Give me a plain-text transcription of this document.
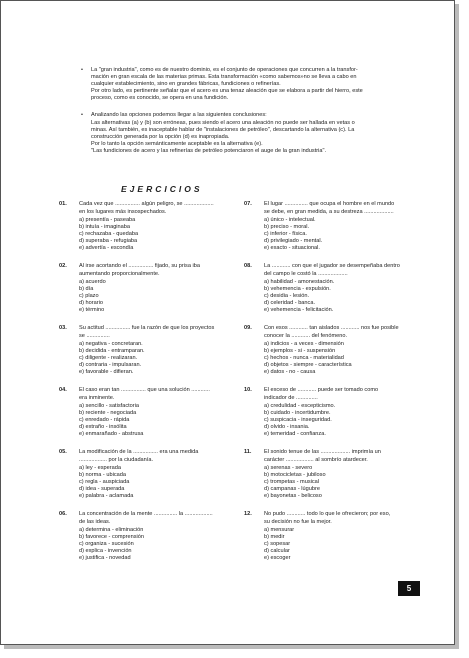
• La "gran industria", como es de nuestro dominio, es el conjunto de operaciones que concurren a la transfor-

mación en gran escala de las materias primas. Esta transformación «como sabemos»no se lleva a cabo en

cualquier establecimiento, sino en grandes fábricas, fundiciones o refinerías.

Por otro lado, es pertinente señalar que el acero es una tenaz aleación que se elabora a partir del hierro, este

proceso, como es conocido, se opera en una fundición.

• Analizando las opciones podemos llegar a las siguientes conclusiones:

Las alternativas (a) y (b) son erróneas, pues siendo el acero una aleación no puede ser hallada en vetas o

minas. Así también, es inaceptable hablar de "instalaciones de petróleo", descartando la alternativa (c). La

construcción generada por la opción (d) es inapropiada.

Por lo tanto la opción semánticamente aceptable es la alternativa (e).

"Las fundiciones de acero y las refinerías de petróleo potenciaron el auge de la gran industria".

EJERCICIOS
01. Cada vez que ................ algún peligro, se ...................

en los lugares más insospechados.

a) presentía - paseaba

b) intuía - imaginaba

c) rechazaba - quedaba

d) superaba - refugiaba

e) advertía - escondía

02. Al irse acortando el ................ fijado, su prisa iba

aumentando proporcionalmente.

a) acuerdo

b) día

c) plazo

d) horario

e) término

03. Su actitud ................ fue la razón de que los proyectos

se ...............

a) negativa - concretaran.

b) decidida - entramparan.

c) diligente - realizaran.

d) contraria - impulsaran.

e) favorable - difieran.

04. El caso eran tan ................ que una solución ............

era inminente.

a) sencillo - satisfactoria

b) reciente - negociada

c) enredado - rápida

d) extraño - insólita

e) enmarañado - abstrusa

05. La modificación de la ................ era una medida

.................. por la ciudadanía.

a) ley - esperada

b) norma - ubicada

c) regla - auspiciada

d) idea - superada

e) palabra - aclamada

06. La concentración de la mente ............... la ..................

de las ideas.

a) determina - eliminación

b) favorece - comprensión

c) organiza - sucesión

d) explica - invención

e) justifica - novedad

07. El lugar ............... que ocupa el hombre en el mundo

se debe, en gran medida, a su destreza ...................

a) único - intelectual.

b) preciso - moral.

c) inferior - física.

d) privilegiado - mental.

e) exacto - situacional.

08. La ............ con que el jugador se desempeñaba dentro

del campo le costó la ...................

a) habilidad - amonestación.

b) vehemencia - expulsión.

c) desidia - lesión.

d) celeridad - banca.

e) vehemencia - felicitación.

09. Con esos ............ tan aislados ............ nos fue posible

conocer la ............ del fenómeno.

a) indicios - a veces - dimensión

b) ejemplos - si - suspensión

c) hechos - nunca - materialidad

d) objetos - siempre - característica

e) datos - no - causa

10. El exceso de ............ puede ser tomado como

indicador de ..............

a) credulidad - escepticismo.

b) cuidado - incertidumbre.

c) suspicacia - inseguridad.

d) olvido - insania.

e) temeridad - confianza.

11. El sonido tenue de las ................... imprimía un

carácter .................. al sombrío atardecer.

a) serenas - severo

b) motocicletas - jubiloso

c) trompetas - musical

d) campanas - lúgubre

e) bayonetas - belicoso

12. No pudo ............ todo lo que le ofrecieron; por eso,

su decisión no fue la mejor.

a) mensurar

b) medir

c) sopesar

d) calcular

e) escoger

5
